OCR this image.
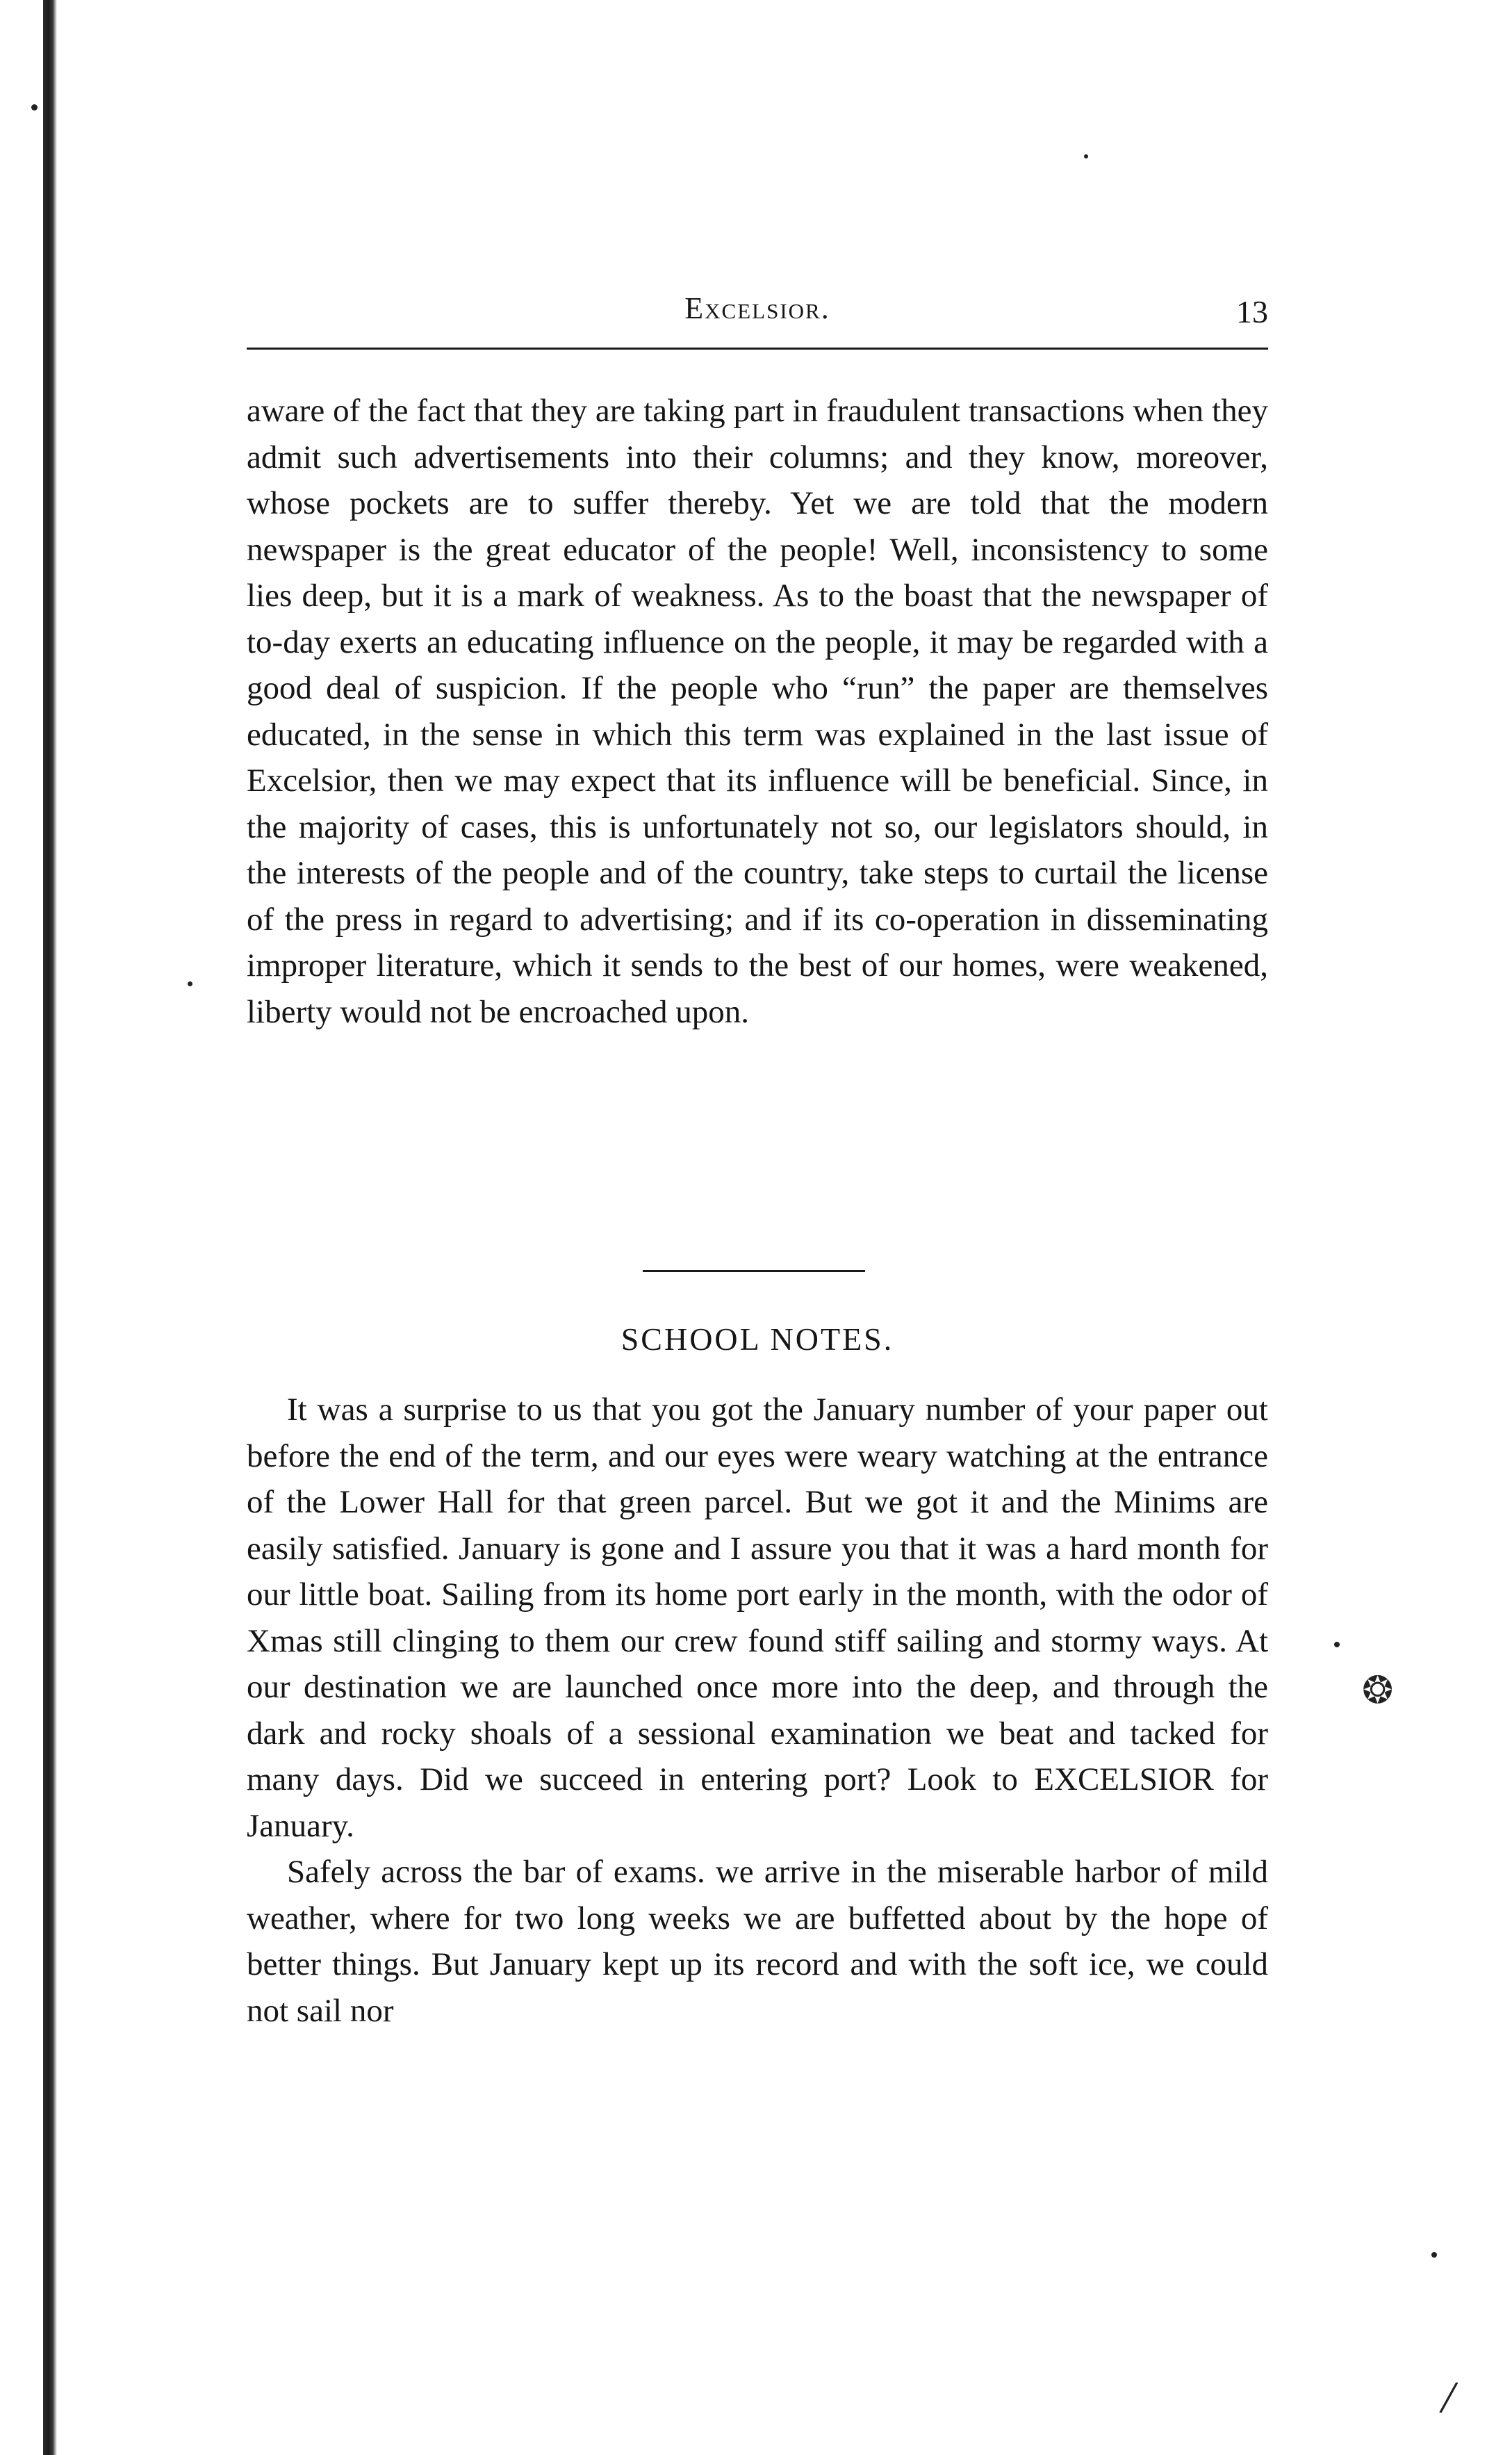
Excelsior.	13
aware of the fact that they are taking part in fraudulent transactions when they admit such advertisements into their columns; and they know, moreover, whose pockets are to suffer thereby. Yet we are told that the modern newspaper is the great educator of the people! Well, inconsistency to some lies deep, but it is a mark of weakness. As to the boast that the newspaper of to-day exerts an educating influence on the people, it may be regarded with a good deal of suspicion. If the people who “run” the paper are themselves educated, in the sense in which this term was explained in the last issue of Excelsior, then we may expect that its influence will be beneficial. Since, in the majority of cases, this is unfortunately not so, our legislators should, in the interests of the people and of the country, take steps to curtail the license of the press in regard to advertising; and if its co-operation in disseminating improper literature, which it sends to the best of our homes, were weakened, liberty would not be encroached upon.
SCHOOL NOTES.

It was a surprise to us that you got the January number of your paper out before the end of the term, and our eyes were weary watching at the entrance of the Lower Hall for that green parcel. But we got it and the Minims are easily satisfied. January is gone and I assure you that it was a hard month for our little boat. Sailing from its home port early in the month, with the odor of Xmas still clinging to them our crew found stiff sailing and stormy ways. At our destination we are launched once more into the deep, and through the dark and rocky shoals of a sessional examination we beat and tacked for many days. Did we succeed in entering port? Look to EXCELSIOR for January.

Safely across the bar of exams. we arrive in the miserable harbor of mild weather, where for two long weeks we are buffetted about by the hope of better things. But January kept up its record and with the soft ice, we could not sail nor

❂
/
